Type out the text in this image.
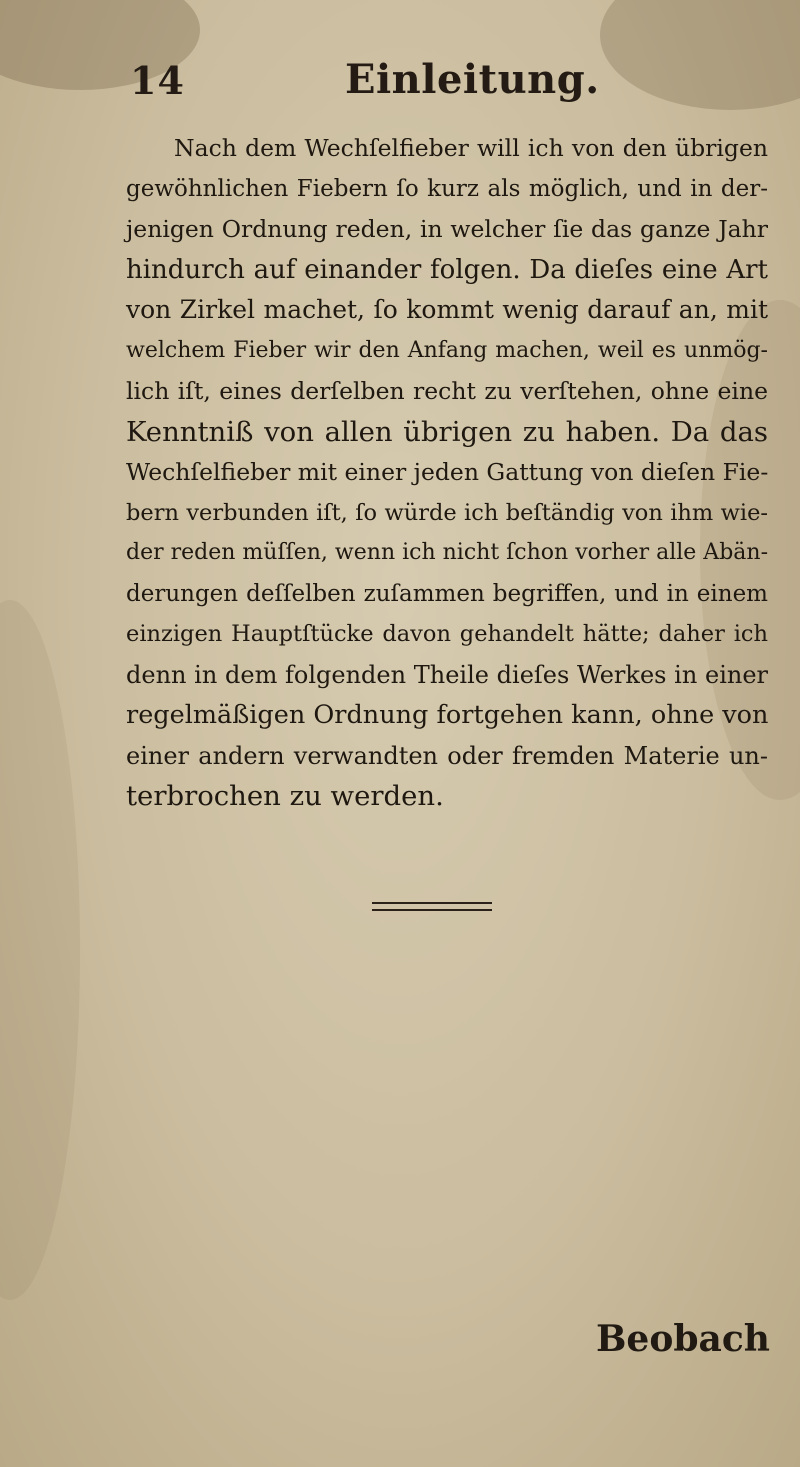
14	Einleitung.
Nach dem Wechſelfieber will ich von den übrigen
gewöhnlichen Fiebern ſo kurz als möglich, und in der-
jenigen Ordnung reden, in welcher ſie das ganze Jahr
hindurch auf einander folgen. Da dieſes eine Art
von Zirkel machet, ſo kommt wenig darauf an, mit
welchem Fieber wir den Anfang machen, weil es unmög-
lich iſt, eines derſelben recht zu verſtehen, ohne eine
Kenntniß von allen übrigen zu haben. Da das
Wechſelfieber mit einer jeden Gattung von dieſen Fie-
bern verbunden iſt, ſo würde ich beſtändig von ihm wie-
der reden müſſen, wenn ich nicht ſchon vorher alle Abän-
derungen deſſelben zuſammen begriffen, und in einem
einzigen Hauptſtücke davon gehandelt hätte; daher ich
denn in dem folgenden Theile dieſes Werkes in einer
regelmäßigen Ordnung fortgehen kann, ohne von
einer andern verwandten oder fremden Materie un-
terbrochen zu werden.
Beobach
